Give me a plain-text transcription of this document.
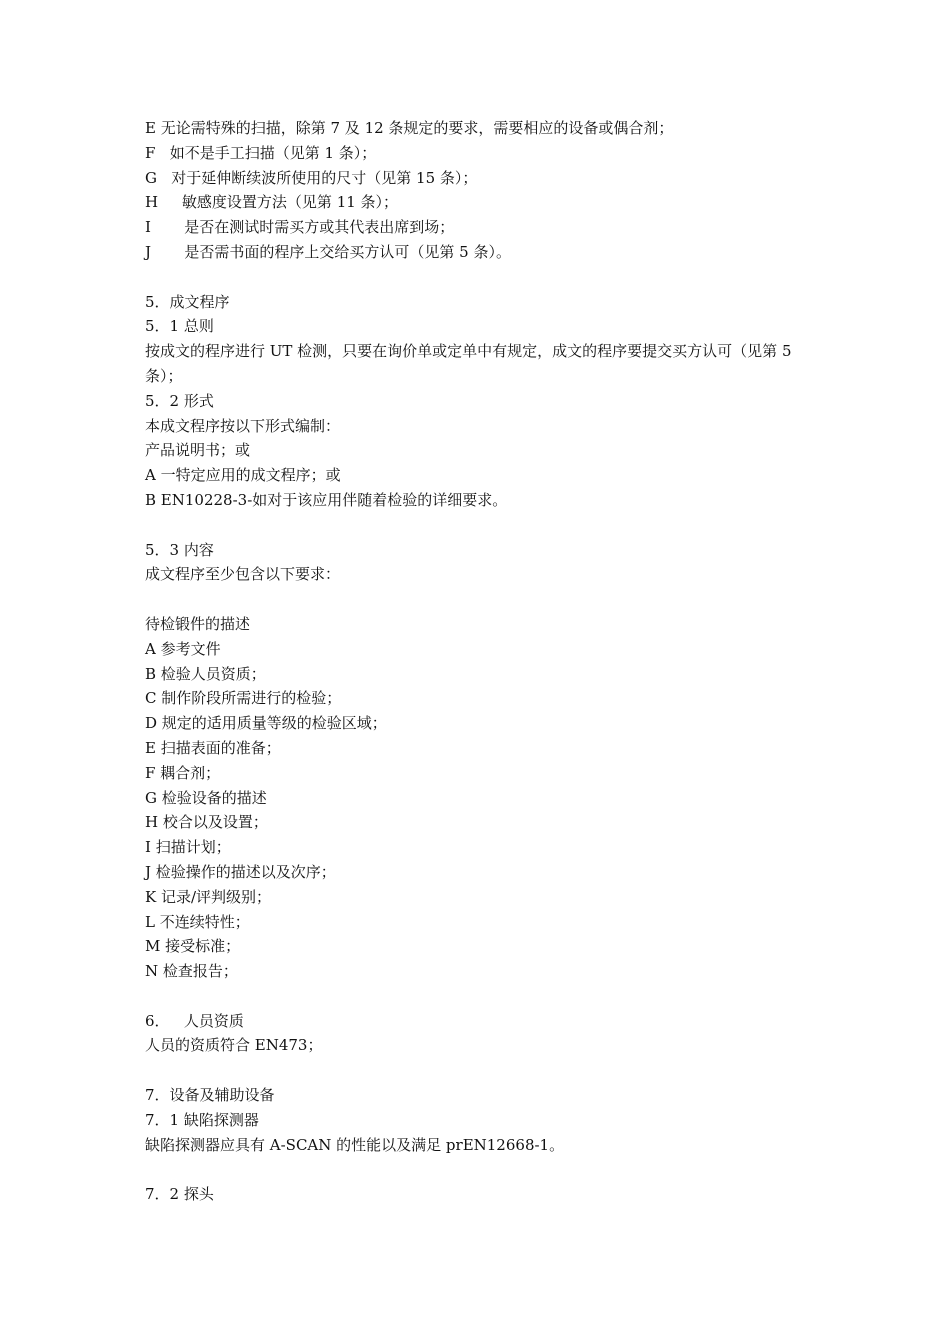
E 无论需特殊的扫描，除第 7 及 12 条规定的要求，需要相应的设备或偶合剂；
F   如不是手工扫描（见第 1 条）；
G   对于延伸断续波所使用的尺寸（见第 15 条）；
H     敏感度设置方法（见第 11 条）；
I       是否在测试时需买方或其代表出席到场；
J       是否需书面的程序上交给买方认可（见第 5 条）。
5．成文程序
5．1 总则
按成文的程序进行 UT 检测，只要在询价单或定单中有规定，成文的程序要提交买方认可（见第 5 条）；
5．2 形式
本成文程序按以下形式编制：
产品说明书；或
A 一特定应用的成文程序；或
B EN10228-3-如对于该应用伴随着检验的详细要求。
5．3 内容
成文程序至少包含以下要求：
待检锻件的描述
A 参考文件
B 检验人员资质；
C 制作阶段所需进行的检验；
D 规定的适用质量等级的检验区域；
E 扫描表面的准备；
F 耦合剂；
G 检验设备的描述
H 校合以及设置；
I 扫描计划；
J 检验操作的描述以及次序；
K 记录/评判级别；
L 不连续特性；
M 接受标准；
N 检查报告；
6．   人员资质
人员的资质符合 EN473；
7．设备及辅助设备
7．1 缺陷探测器
缺陷探测器应具有 A-SCAN 的性能以及满足 prEN12668-1。
7．2 探头
